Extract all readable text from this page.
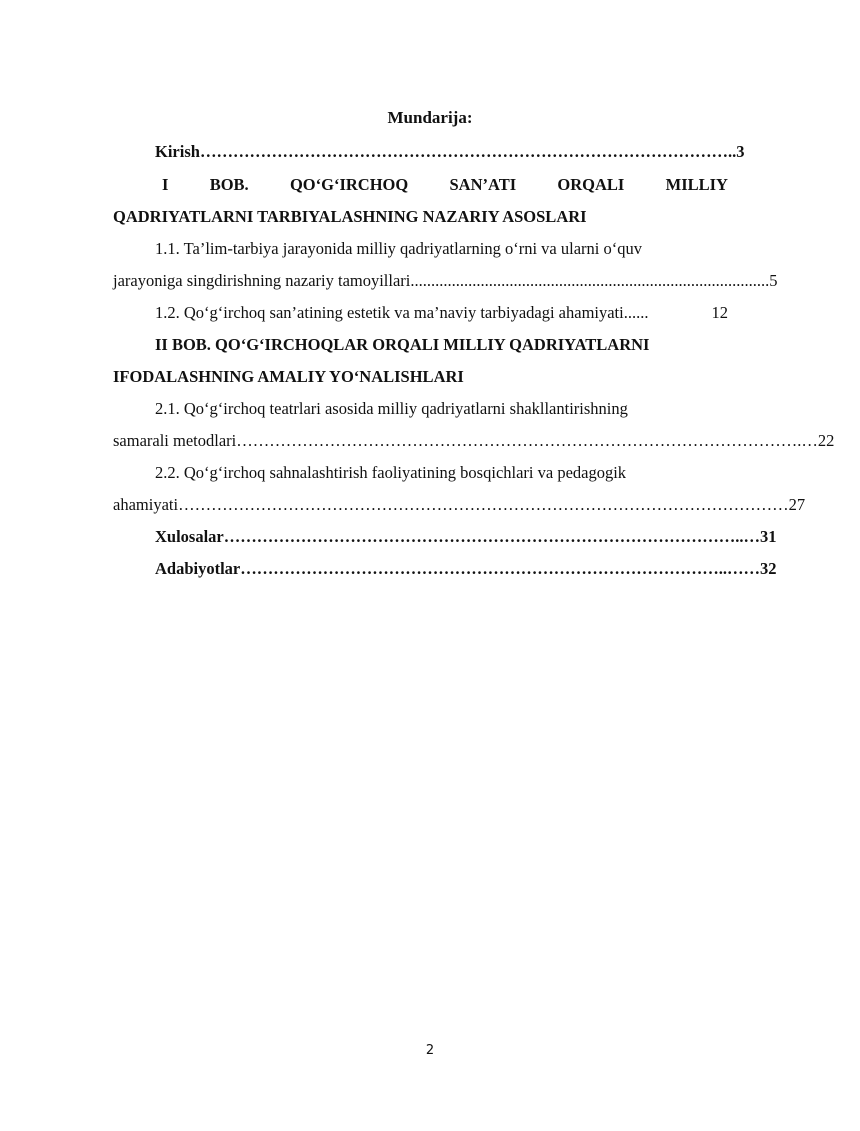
Mundarija:
Kirish …………………………………………………………………………………… ..3
I	BOB.	QO‘G‘IRCHOQ	SAN’ATI	ORQALI	MILLIY
QADRIYATLARNI TARBIYALASHNING NAZARIY ASOSLARI
1.1. Ta’lim-tarbiya jarayonida milliy qadriyatlarning o‘rni va ularni o‘quv
jarayoniga singdirishning nazariy tamoyillari ....................................................................................... 5
1.2. Qo‘g‘irchoq san’atining estetik va ma’naviy tarbiyadagi ahamiyati ......	12
II BOB. QO‘G‘IRCHOQLAR ORQALI MILLIY QADRIYATLARNI
IFODALASHNING AMALIY YO‘NALISHLARI
2.1. Qo‘g‘irchoq teatrlari asosida milliy qadriyatlarni shakllantirishning
samarali metodlari ………………………………………………………………………………………… .…22
2.2. Qo‘g‘irchoq sahnalashtirish faoliyatining bosqichlari va pedagogik
ahamiyati ………………………………………………………………………………………………… 27
Xulosalar ………………………………………………………………………………… ..…31
Adabiyotlar …………………………………………………………………………… ..……32
2
